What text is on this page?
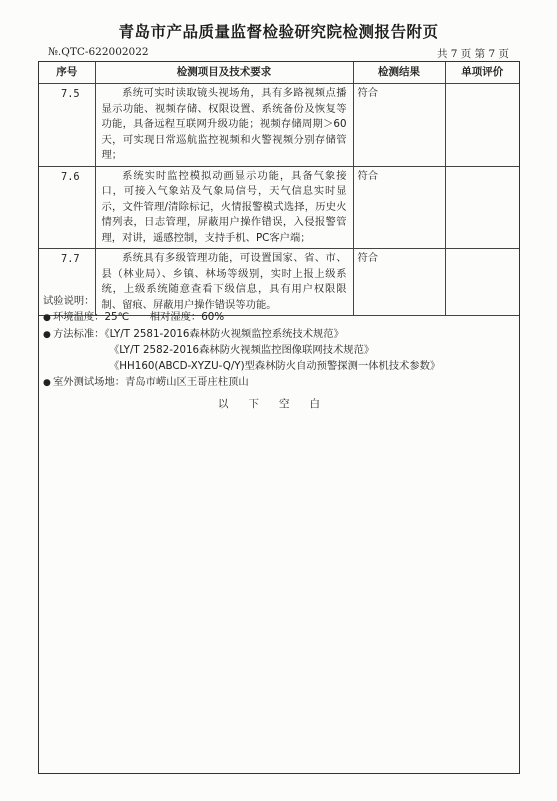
青岛市产品质量监督检验研究院检测报告附页
№.QTC-622002022	共 7 页 第 7 页
序号	检测项目及技术要求	检测结果	单项评价
7.5	系统可实时读取镜头视场角，具有多路视频点播显示功能、视频存储、权限设置、系统备份及恢复等功能，具备远程互联网升级功能；视频存储周期＞60天，可实现日常巡航监控视频和火警视频分别存储管理；	符合	
7.6	系统实时监控模拟动画显示功能，具备气象接口，可接入气象站及气象局信号，天气信息实时显示，文件管理/清除标记，火情报警模式选择，历史火情列表，日志管理，屏蔽用户操作错误，入侵报警管理，对讲，遥感控制，支持手机、PC客户端；	符合	
7.7	系统具有多级管理功能，可设置国家、省、市、县（林业局）、乡镇、林场等级别，实时上报上级系统，上级系统随意查看下级信息，具有用户权限限制、留痕、屏蔽用户操作错误等功能。	符合	
试验说明：
● 环境温度：25℃　　相对湿度：60%
● 方法标准：《LY/T 2581-2016森林防火视频监控系统技术规范》
《LY/T 2582-2016森林防火视频监控图像联网技术规范》
《HH160(ABCD-XYZU-Q/Y)型森林防火自动预警探测一体机技术参数》
● 室外测试场地：青岛市崂山区王哥庄柱顶山
以下空白
